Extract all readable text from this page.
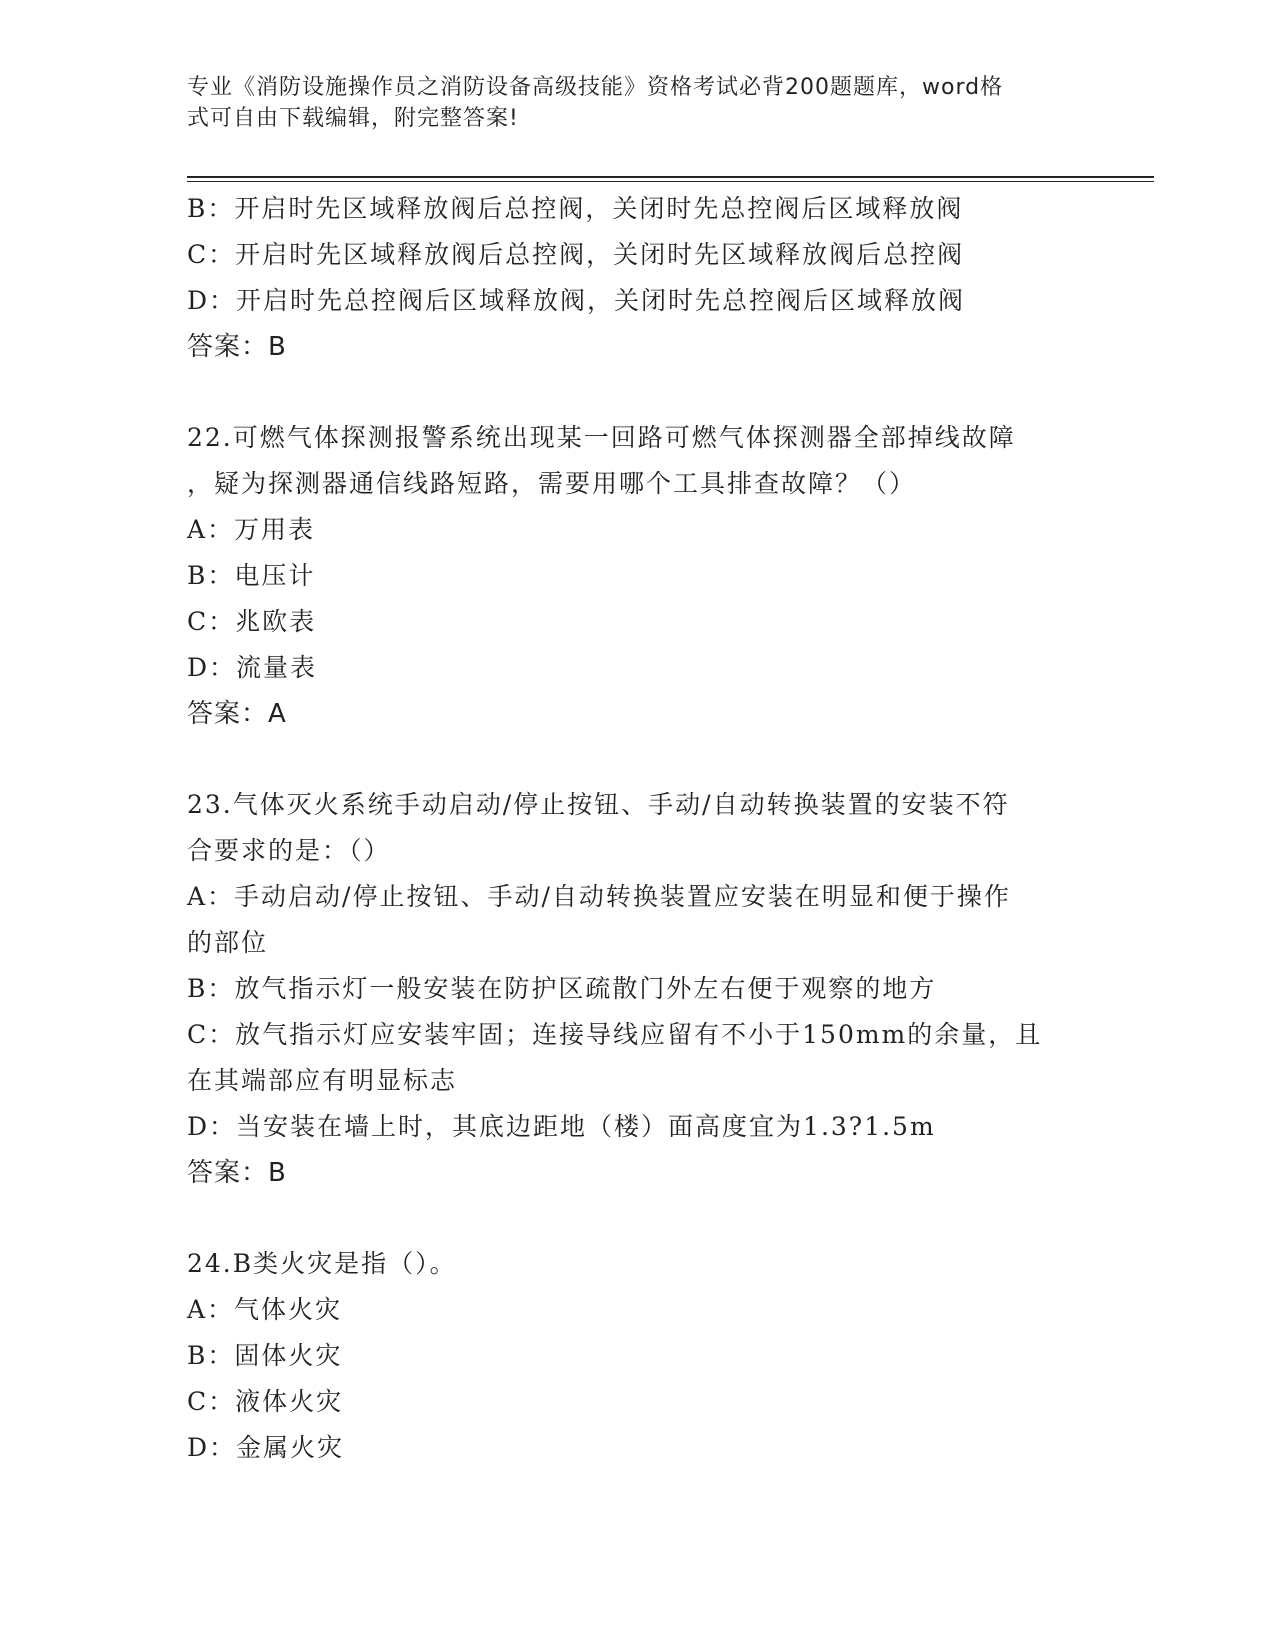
专业《消防设施操作员之消防设备高级技能》资格考试必背200题题库，word格
式可自由下载编辑，附完整答案!

B：开启时先区域释放阀后总控阀，关闭时先总控阀后区域释放阀

C：开启时先区域释放阀后总控阀，关闭时先区域释放阀后总控阀

D：开启时先总控阀后区域释放阀，关闭时先总控阀后区域释放阀

答案：B

22.可燃气体探测报警系统出现某一回路可燃气体探测器全部掉线故障

，疑为探测器通信线路短路，需要用哪个工具排查故障？（）

A：万用表

B：电压计

C：兆欧表

D：流量表

答案：A

23.气体灭火系统手动启动/停止按钮、手动/自动转换装置的安装不符

合要求的是：（）

A：手动启动/停止按钮、手动/自动转换装置应安装在明显和便于操作

的部位

B：放气指示灯一般安装在防护区疏散门外左右便于观察的地方

C：放气指示灯应安装牢固；连接导线应留有不小于150mm的余量，且

在其端部应有明显标志

D：当安装在墙上时，其底边距地（楼）面高度宜为1.3?1.5m

答案：B

24.B类火灾是指（）。

A：气体火灾

B：固体火灾

C：液体火灾

D：金属火灾
